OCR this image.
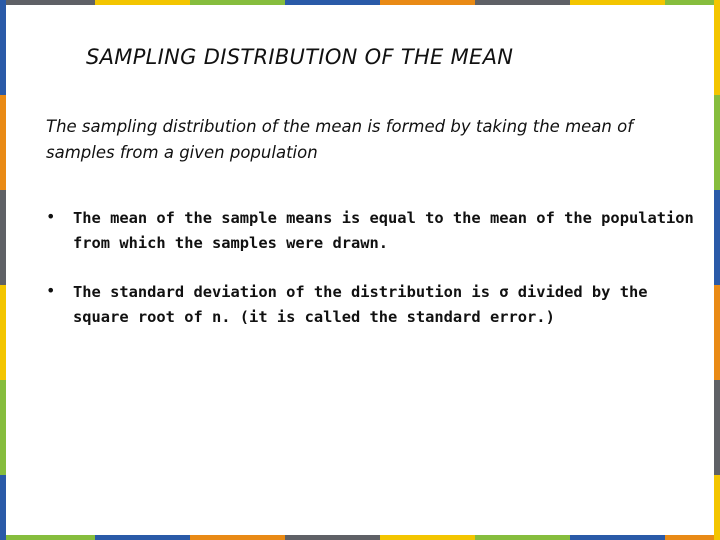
SAMPLING DISTRIBUTION OF THE MEAN
The sampling distribution of the mean is formed by taking the mean of samples from a given population
• The mean of the sample means is equal to the mean of the population from which the samples were drawn.
• The standard deviation of the distribution is σ divided by the square root of n. (it is called the standard error.)
